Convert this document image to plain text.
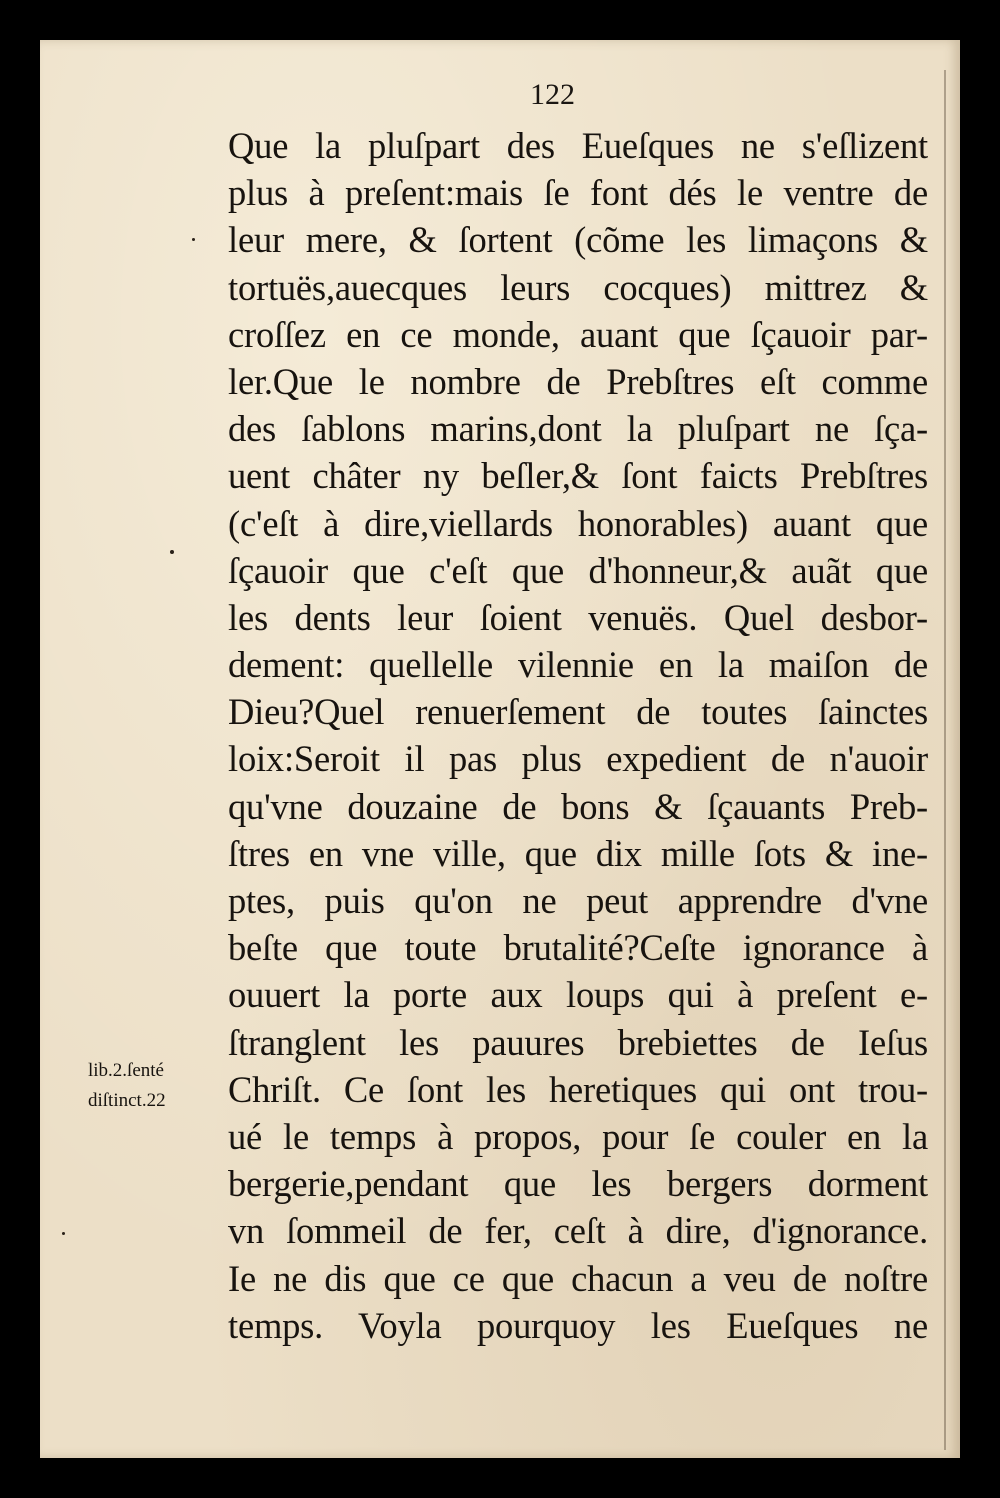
122
Que la pluſpart des Eueſques ne s'eſlizent
plus à preſent:mais ſe font dés le ventre de
leur mere, & ſortent (cõme les limaçons &
tortuës,auecques leurs cocques) mittrez &
croſſez en ce monde, auant que ſçauoir par-
ler.Que le nombre de Prebſtres eſt comme
des ſablons marins,dont la pluſpart ne ſça-
uent châter ny beſler,& ſont faicts Prebſtres
(c'eſt à dire,viellards honorables) auant que
ſçauoir que c'eſt que d'honneur,& auãt que
les dents leur ſoient venuës. Quel desbor-
dement: quellelle vilennie en la maiſon de
Dieu?Quel renuerſement de toutes ſainctes
loix:Seroit il pas plus expedient de n'auoir
qu'vne douzaine de bons & ſçauants Preb-
ſtres en vne ville, que dix mille ſots & ine-
ptes, puis qu'on ne peut apprendre d'vne
beſte que toute brutalité?Ceſte ignorance à
ouuert la porte aux loups qui à preſent e-
ſtranglent les pauures brebiettes de Ieſus
Chriſt. Ce ſont les heretiques qui ont trou-
ué le temps à propos, pour ſe couler en la
bergerie,pendant que les bergers dorment
vn ſommeil de fer, ceſt à dire, d'ignorance.
Ie ne dis que ce que chacun a veu de noſtre
temps. Voyla pourquoy les Eueſques ne
lib.2.ſenté
diſtinct.22
